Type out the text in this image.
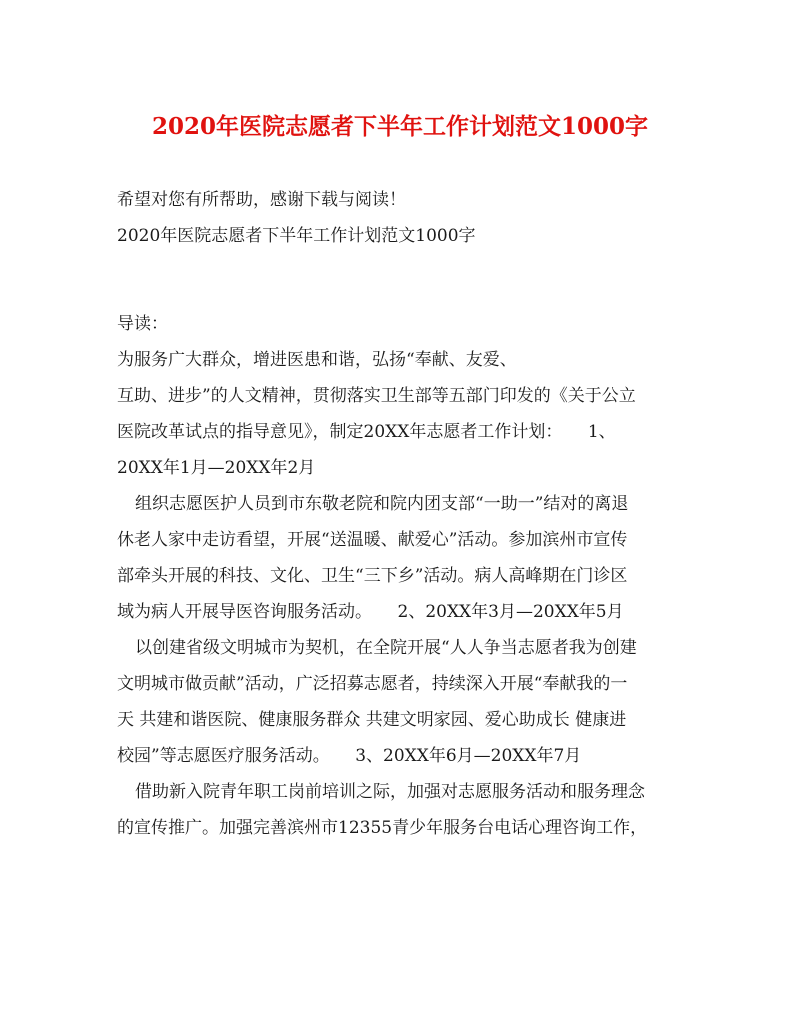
2020年医院志愿者下半年工作计划范文1000字
希望对您有所帮助，感谢下载与阅读！
2020年医院志愿者下半年工作计划范文1000字
导读：
为服务广大群众，增进医患和谐，弘扬“奉献、友爱、
互助、进步”的人文精神，贯彻落实卫生部等五部门印发的《关于公立
医院改革试点的指导意见》，制定20XX年志愿者工作计划：　　1、
20XX年1月—20XX年2月
组织志愿医护人员到市东敬老院和院内团支部“一助一”结对的离退
休老人家中走访看望，开展“送温暖、献爱心”活动。参加滨州市宣传
部牵头开展的科技、文化、卫生“三下乡”活动。病人高峰期在门诊区
域为病人开展导医咨询服务活动。　　2、20XX年3月—20XX年5月
以创建省级文明城市为契机，在全院开展“人人争当志愿者我为创建
文明城市做贡献”活动，广泛招募志愿者，持续深入开展“奉献我的一
天 共建和谐医院、健康服务群众 共建文明家园、爱心助成长 健康进
校园”等志愿医疗服务活动。　　3、20XX年6月—20XX年7月
借助新入院青年职工岗前培训之际，加强对志愿服务活动和服务理念
的宣传推广。加强完善滨州市12355青少年服务台电话心理咨询工作，
